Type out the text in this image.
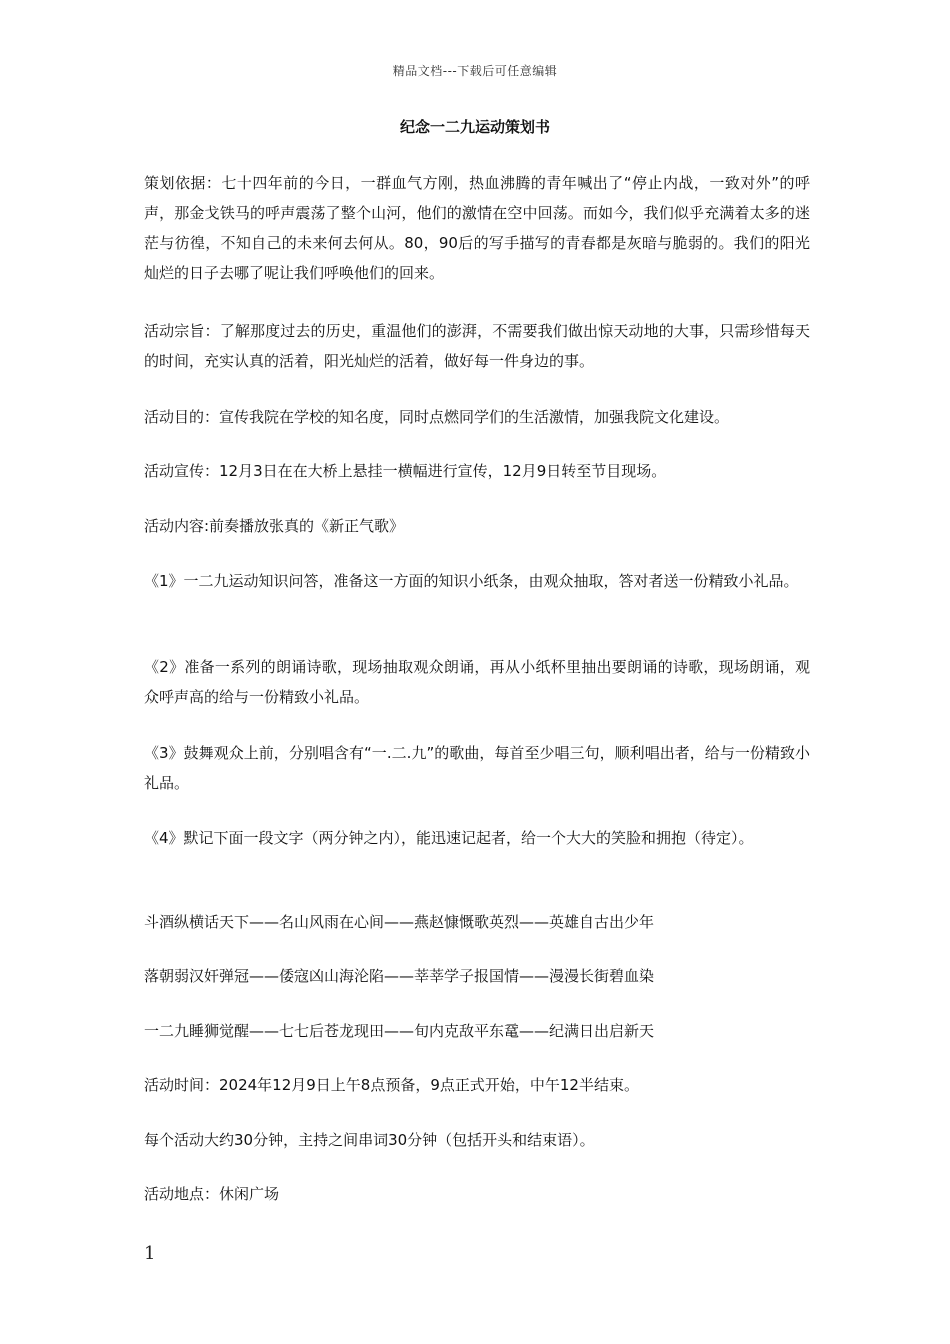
精品文档---下载后可任意编辑
纪念一二九运动策划书

策划依据：七十四年前的今日，一群血气方刚，热血沸腾的青年喊出了“停止内战，一致对外”的呼声，那金戈铁马的呼声震荡了整个山河，他们的激情在空中回荡。而如今，我们似乎充满着太多的迷茫与彷徨，不知自己的未来何去何从。80，90后的写手描写的青春都是灰暗与脆弱的。我们的阳光灿烂的日子去哪了呢让我们呼唤他们的回来。

活动宗旨：了解那度过去的历史，重温他们的澎湃，不需要我们做出惊天动地的大事，只需珍惜每天的时间，充实认真的活着，阳光灿烂的活着，做好每一件身边的事。

活动目的：宣传我院在学校的知名度，同时点燃同学们的生活激情，加强我院文化建设。

活动宣传：12月3日在在大桥上悬挂一横幅进行宣传，12月9日转至节目现场。

活动内容:前奏播放张真的《新正气歌》

《1》一二九运动知识问答，准备这一方面的知识小纸条，由观众抽取，答对者送一份精致小礼品。

《2》准备一系列的朗诵诗歌，现场抽取观众朗诵，再从小纸杯里抽出要朗诵的诗歌，现场朗诵，观众呼声高的给与一份精致小礼品。

《3》鼓舞观众上前，分别唱含有“一.二.九”的歌曲，每首至少唱三句，顺利唱出者，给与一份精致小礼品。

《4》默记下面一段文字（两分钟之内），能迅速记起者，给一个大大的笑脸和拥抱（待定）。

斗酒纵横话天下——名山风雨在心间——燕赵慷慨歌英烈——英雄自古出少年

落朝弱汉奸弹冠——倭寇凶山海沦陷——莘莘学子报国情——漫漫长街碧血染

一二九睡狮觉醒——七七后苍龙现田——旬内克敌平东鼋——纪满日出启新天

活动时间：2024年12月9日上午8点预备，9点正式开始，中午12半结束。

每个活动大约30分钟，主持之间串词30分钟（包括开头和结束语）。

活动地点：休闲广场

1
